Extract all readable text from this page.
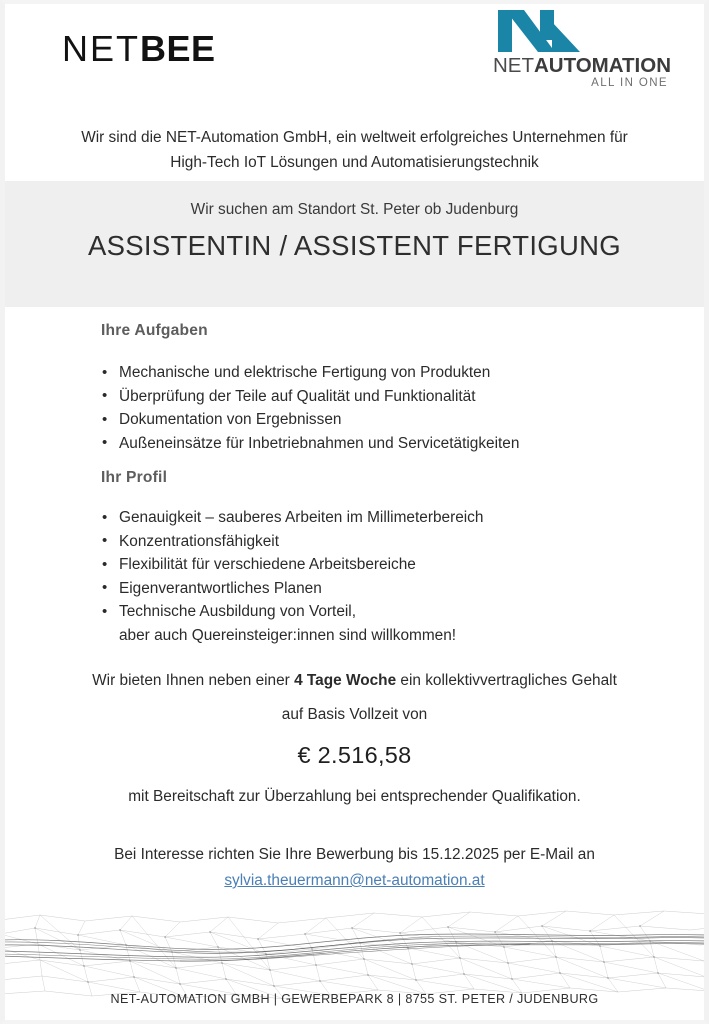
NETBEE	NETAUTOMATION
ALL IN ONE
Wir sind die NET-Automation GmbH, ein weltweit erfolgreiches Unternehmen für
High-Tech IoT Lösungen und Automatisierungstechnik
Wir suchen am Standort St. Peter ob Judenburg
ASSISTENTIN / ASSISTENT FERTIGUNG
Ihre Aufgaben
• Mechanische und elektrische Fertigung von Produkten
• Überprüfung der Teile auf Qualität und Funktionalität
• Dokumentation von Ergebnissen
• Außeneinsätze für Inbetriebnahmen und Servicetätigkeiten
Ihr Profil
• Genauigkeit – sauberes Arbeiten im Millimeterbereich
• Konzentrationsfähigkeit
• Flexibilität für verschiedene Arbeitsbereiche
• Eigenverantwortliches Planen
• Technische Ausbildung von Vorteil,
aber auch Quereinsteiger:innen sind willkommen!
Wir bieten Ihnen neben einer 4 Tage Woche ein kollektivvertragliches Gehalt
auf Basis Vollzeit von
€ 2.516,58
mit Bereitschaft zur Überzahlung bei entsprechender Qualifikation.
Bei Interesse richten Sie Ihre Bewerbung bis 15.12.2025 per E-Mail an
sylvia.theuermann@net-automation.at
NET-AUTOMATION GMBH | GEWERBEPARK 8 | 8755 ST. PETER / JUDENBURG
